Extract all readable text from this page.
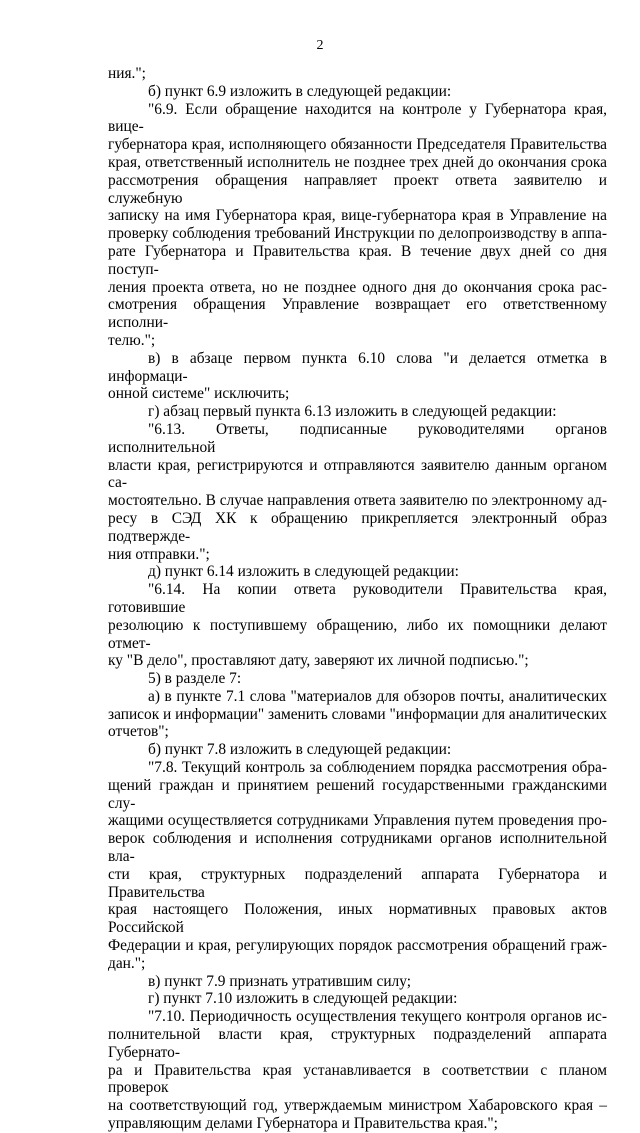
2

ния.";

б) пункт 6.9 изложить в следующей редакции:

"6.9. Если обращение находится на контроле у Губернатора края, вице-

губернатора края, исполняющего обязанности Председателя Правительства

края, ответственный исполнитель не позднее трех дней до окончания срока

рассмотрения обращения направляет проект ответа заявителю и служебную

записку на имя Губернатора края, вице-губернатора края в Управление на

проверку соблюдения требований Инструкции по делопроизводству в аппа-

рате Губернатора и Правительства края. В течение двух дней со дня поступ-

ления проекта ответа, но не позднее одного дня до окончания срока рас-

смотрения обращения Управление возвращает его ответственному исполни-

телю.";

в) в абзаце первом пункта 6.10 слова "и делается отметка в информаци-

онной системе" исключить;

г) абзац первый пункта 6.13 изложить в следующей редакции:

"6.13. Ответы, подписанные руководителями органов исполнительной

власти края, регистрируются и отправляются заявителю данным органом са-

мостоятельно. В случае направления ответа заявителю по электронному ад-

ресу в СЭД ХК к обращению прикрепляется электронный образ подтвержде-

ния отправки.";

д) пункт 6.14 изложить в следующей редакции:

"6.14. На копии ответа руководители Правительства края, готовившие

резолюцию к поступившему обращению, либо их помощники делают отмет-

ку "В дело", проставляют дату, заверяют их личной подписью.";

5) в разделе 7:

а) в пункте 7.1 слова "материалов для обзоров почты, аналитических

записок и информации" заменить словами "информации для аналитических

отчетов";

б) пункт 7.8 изложить в следующей редакции:

"7.8. Текущий контроль за соблюдением порядка рассмотрения обра-

щений граждан и принятием решений государственными гражданскими слу-

жащими осуществляется сотрудниками Управления путем проведения про-

верок соблюдения и исполнения сотрудниками органов исполнительной вла-

сти края, структурных подразделений аппарата Губернатора и Правительства

края настоящего Положения, иных нормативных правовых актов Российской

Федерации и края, регулирующих порядок рассмотрения обращений граж-

дан.";

в) пункт 7.9 признать утратившим силу;

г) пункт 7.10 изложить в следующей редакции:

"7.10. Периодичность осуществления текущего контроля органов ис-

полнительной власти края, структурных подразделений аппарата Губернато-

ра и Правительства края устанавливается в соответствии с планом проверок

на соответствующий год, утверждаемым министром Хабаровского края –

управляющим делами Губернатора и Правительства края.";
